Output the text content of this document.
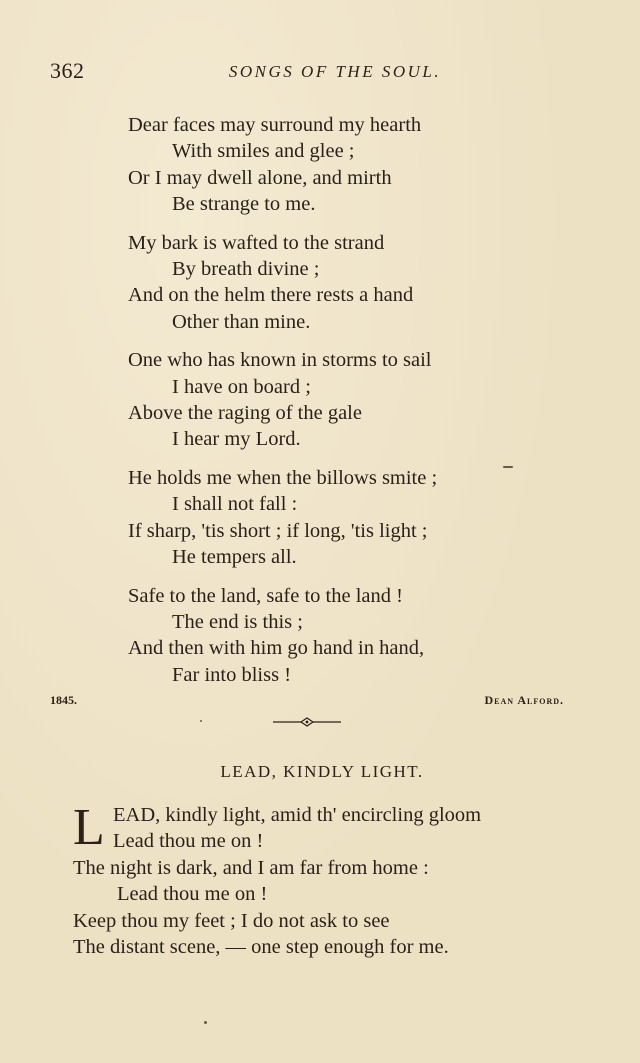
362	SONGS OF THE SOUL.
Dear faces may surround my hearth
With smiles and glee ;
Or I may dwell alone, and mirth
Be strange to me.
My bark is wafted to the strand
By breath divine ;
And on the helm there rests a hand
Other than mine.
One who has known in storms to sail
I have on board ;
Above the raging of the gale
I hear my Lord.
He holds me when the billows smite ;
I shall not fall :
If sharp, 'tis short ; if long, 'tis light ;
He tempers all.
Safe to the land, safe to the land !
The end is this ;
And then with him go hand in hand,
Far into bliss !
1845.	Dean Alford.
LEAD, KINDLY LIGHT.
L EAD, kindly light, amid th' encircling gloom
Lead thou me on !
The night is dark, and I am far from home :
Lead thou me on !
Keep thou my feet ; I do not ask to see
The distant scene, — one step enough for me.
